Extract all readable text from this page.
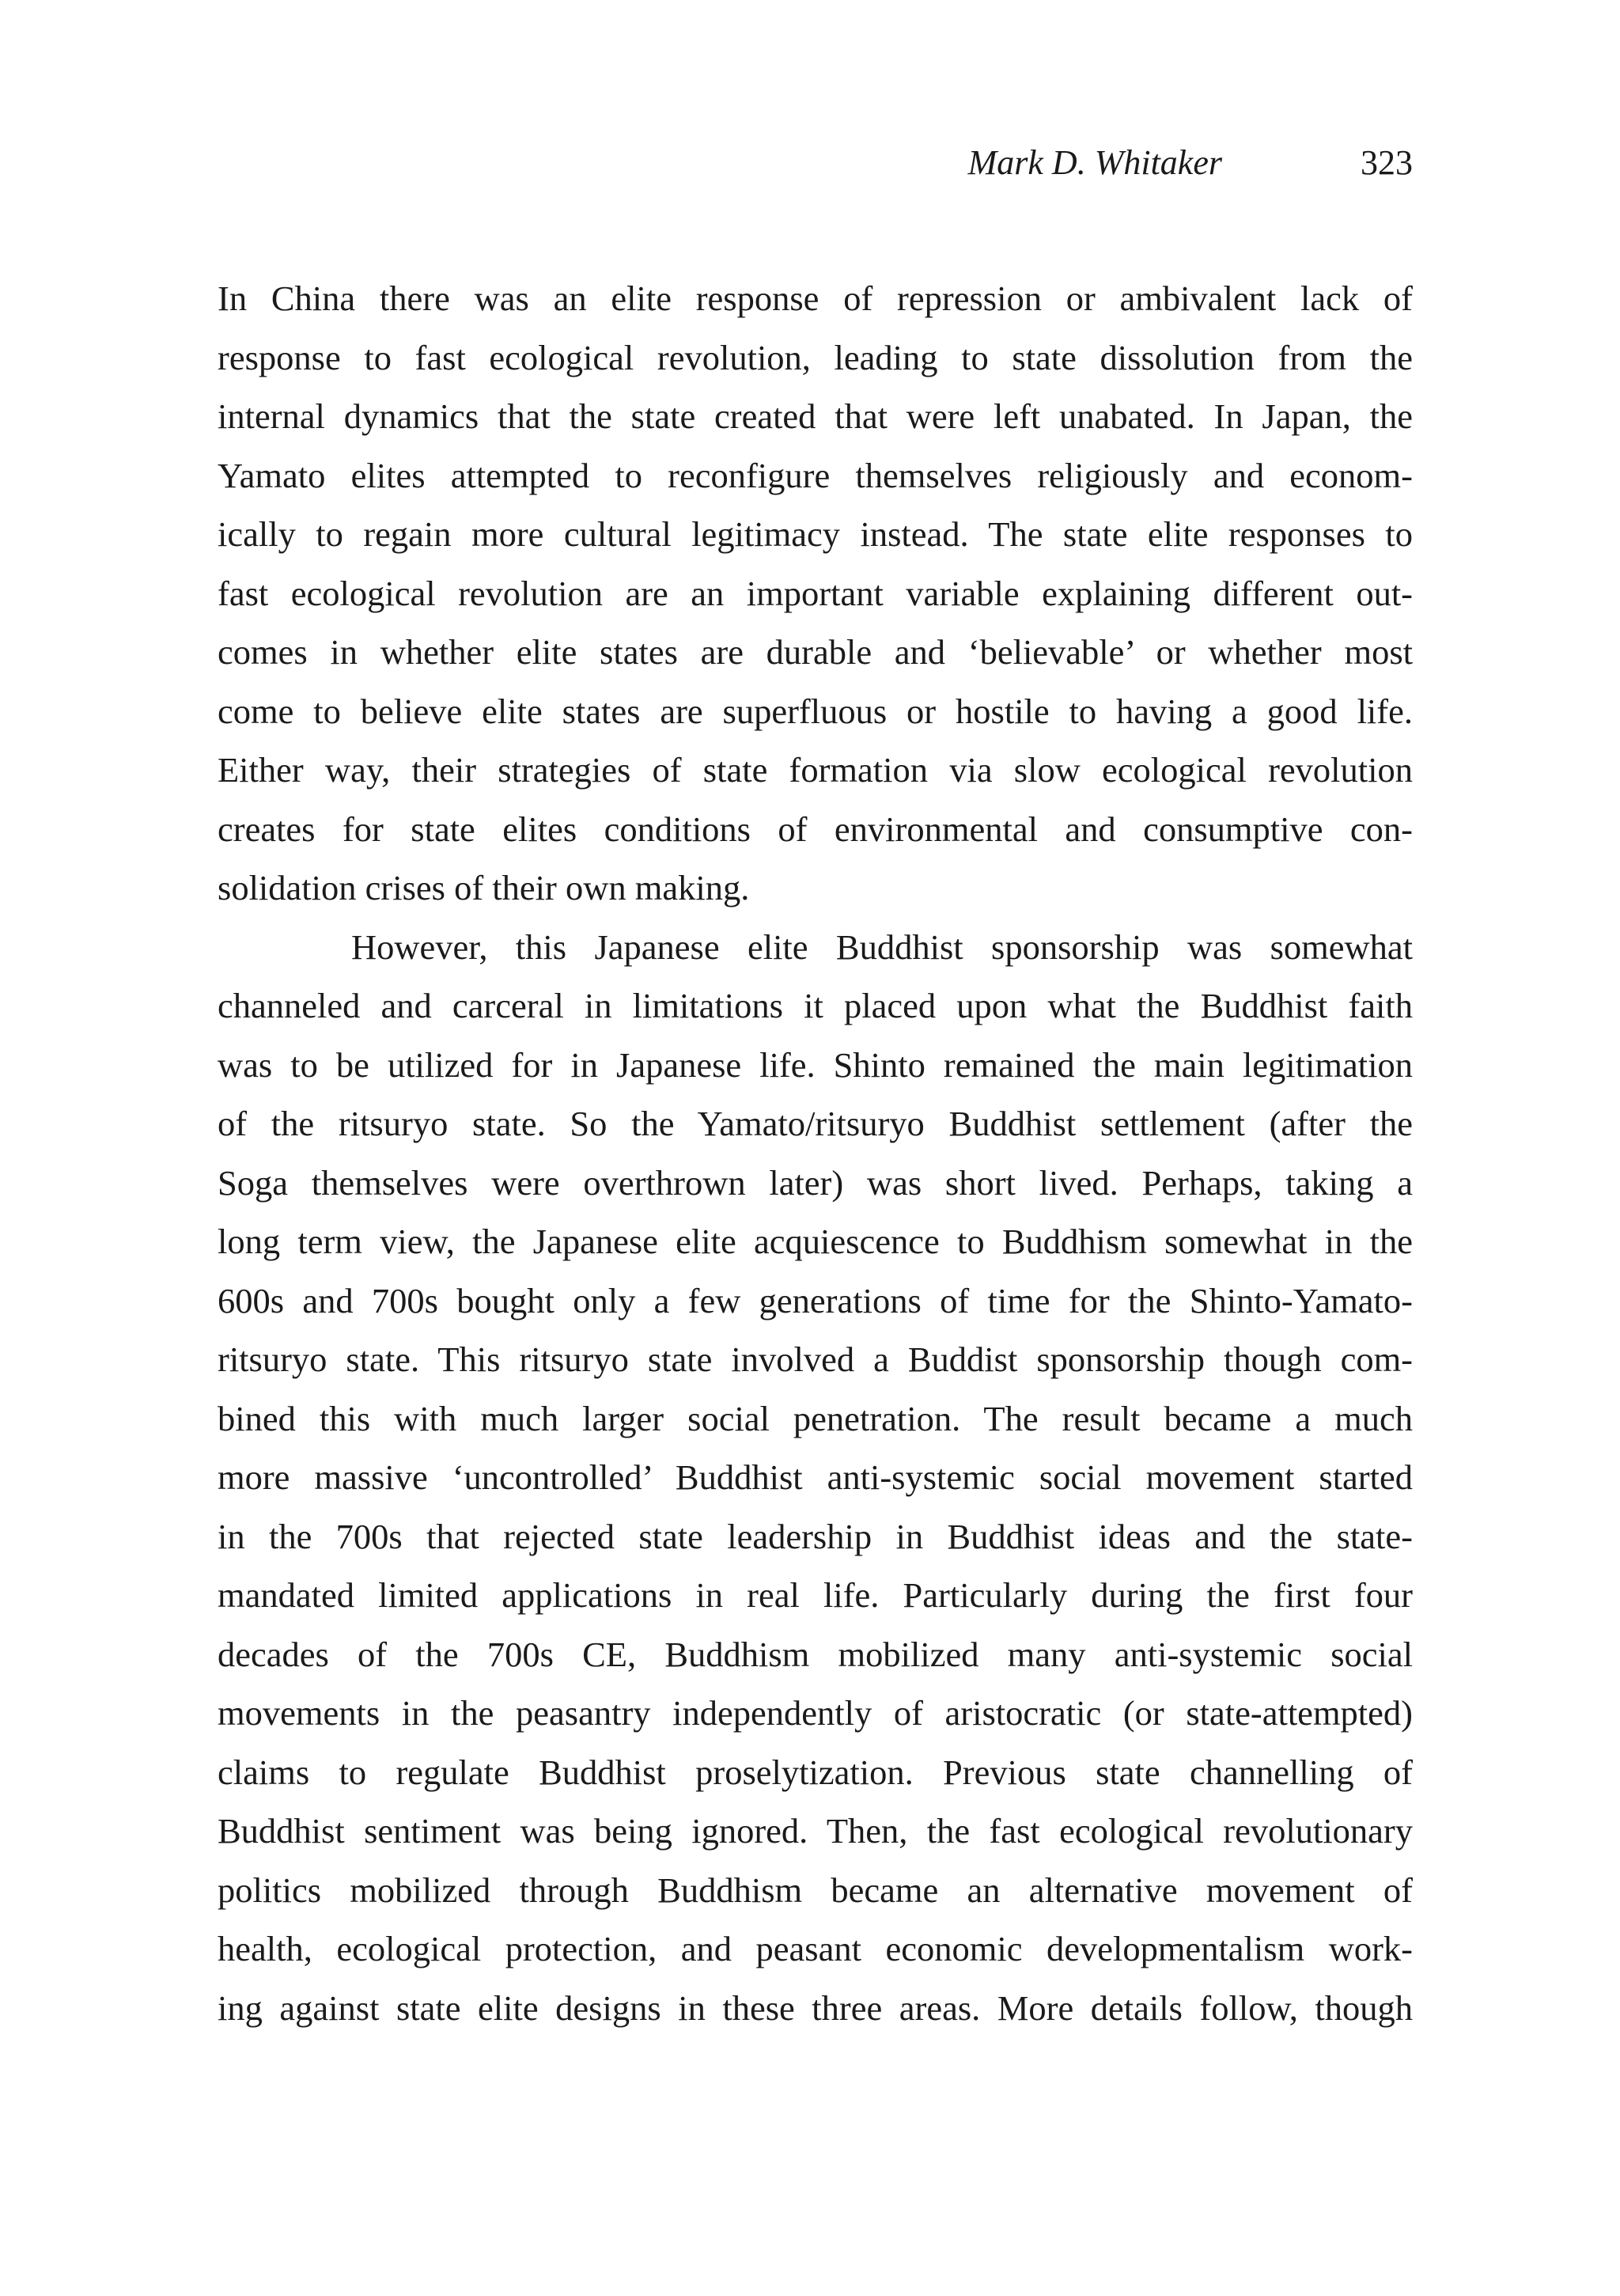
Mark D. Whitaker	323
In China there was an elite response of repression or ambivalent lack of
response to fast ecological revolution, leading to state dissolution from the
internal dynamics that the state created that were left unabated. In Japan, the
Yamato elites attempted to reconfigure themselves religiously and econom-
ically to regain more cultural legitimacy instead. The state elite responses to
fast ecological revolution are an important variable explaining different out-
comes in whether elite states are durable and ‘believable’ or whether most
come to believe elite states are superfluous or hostile to having a good life.
Either way, their strategies of state formation via slow ecological revolution
creates for state elites conditions of environmental and consumptive con-
solidation crises of their own making.
However, this Japanese elite Buddhist sponsorship was somewhat
channeled and carceral in limitations it placed upon what the Buddhist faith
was to be utilized for in Japanese life. Shinto remained the main legitimation
of the ritsuryo state. So the Yamato/ritsuryo Buddhist settlement (after the
Soga themselves were overthrown later) was short lived. Perhaps, taking a
long term view, the Japanese elite acquiescence to Buddhism somewhat in the
600s and 700s bought only a few generations of time for the Shinto-Yamato-
ritsuryo state. This ritsuryo state involved a Buddist sponsorship though com-
bined this with much larger social penetration. The result became a much
more massive ‘uncontrolled’ Buddhist anti-systemic social movement started
in the 700s that rejected state leadership in Buddhist ideas and the state-
mandated limited applications in real life. Particularly during the first four
decades of the 700s CE, Buddhism mobilized many anti-systemic social
movements in the peasantry independently of aristocratic (or state-attempted)
claims to regulate Buddhist proselytization. Previous state channelling of
Buddhist sentiment was being ignored. Then, the fast ecological revolutionary
politics mobilized through Buddhism became an alternative movement of
health, ecological protection, and peasant economic developmentalism work-
ing against state elite designs in these three areas. More details follow, though
